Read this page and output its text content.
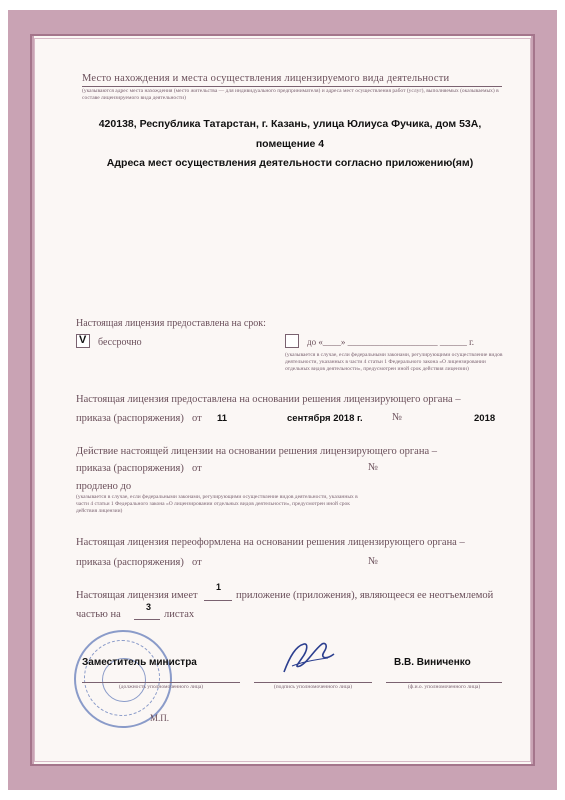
Место нахождения и места осуществления лицензируемого вида деятельности
(указываются адрес места нахождения (место жительства — для индивидуального предпринимателя) и адреса мест осуществления работ (услуг), выполняемых (оказываемых) в составе лицензируемого вида деятельности)
420138, Республика Татарстан, г. Казань, улица Юлиуса Фучика, дом 53А,
помещение 4
Адреса мест осуществления деятельности согласно приложению(ям)
Настоящая лицензия предоставлена на срок:
V бессрочно	до «____» ____________________ ______ г.
(указывается в случае, если федеральными законами, регулирующими осуществление видов деятельности, указанных в части 4 статьи 1 Федерального закона «О лицензировании отдельных видов деятельности», предусмотрен иной срок действия лицензии)
Настоящая лицензия предоставлена на основании решения лицензирующего органа –
приказа (распоряжения) от 11	сентября 2018 г.	№	2018
Действие настоящей лицензии на основании решения лицензирующего органа –
приказа (распоряжения) от	№
продлено до
(указывается в случае, если федеральными законами, регулирующими осуществление видов деятельности, указанных в части 4 статьи 1 Федерального закона «О лицензировании отдельных видов деятельности», предусмотрен иной срок действия лицензии)
Настоящая лицензия переоформлена на основании решения лицензирующего органа –
приказа (распоряжения) от	№
Настоящая лицензия имеет
1
приложение (приложения), являющееся ее неотъемлемой
частью на
3
листах
Заместитель министра
(должность уполномоченного лица)	(подпись уполномоченного лица)
В.В. Виниченко
(ф.и.о. уполномоченного лица)
М.П.
